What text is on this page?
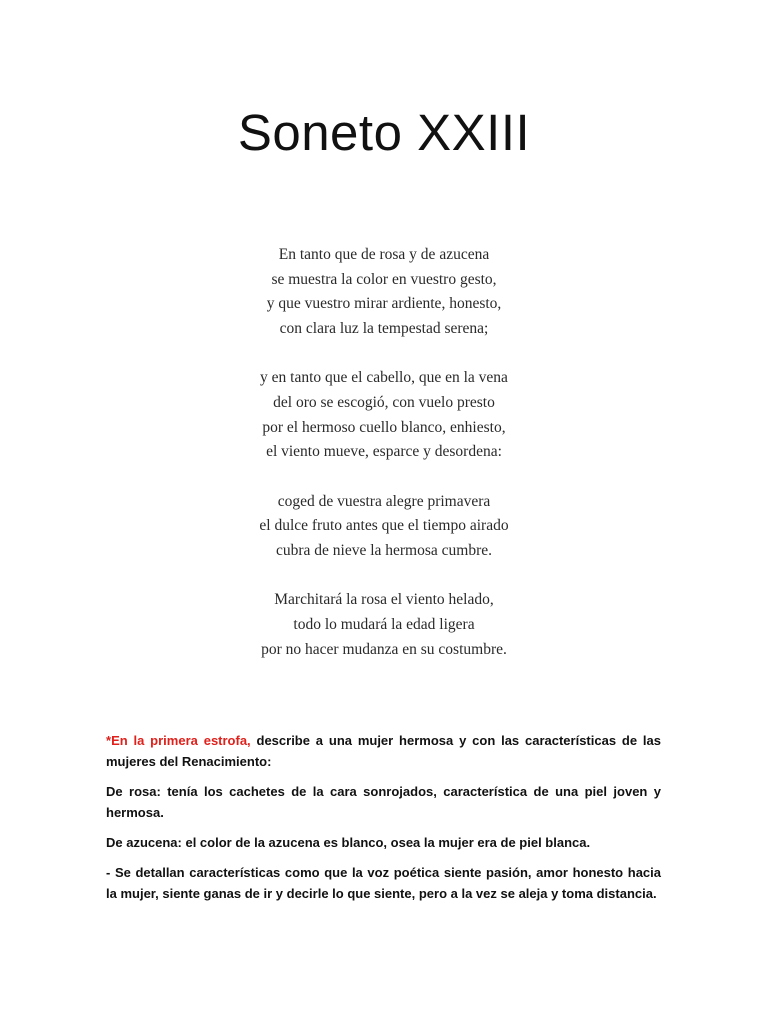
Soneto XXIII
En tanto que de rosa y de azucena
se muestra la color en vuestro gesto,
y que vuestro mirar ardiente, honesto,
con clara luz la tempestad serena;
y en tanto que el cabello, que en la vena
del oro se escogió, con vuelo presto
por el hermoso cuello blanco, enhiesto,
el viento mueve, esparce y desordena:
coged de vuestra alegre primavera
el dulce fruto antes que el tiempo airado
cubra de nieve la hermosa cumbre.
Marchitará la rosa el viento helado,
todo lo mudará la edad ligera
por no hacer mudanza en su costumbre.

*En la primera estrofa, describe a una mujer hermosa y con las características de las mujeres del Renacimiento:

De rosa: tenía los cachetes de la cara sonrojados, característica de una piel joven y hermosa.

De azucena: el color de la azucena es blanco, osea la mujer era de piel blanca.

- Se detallan características como que la voz poética siente pasión, amor honesto hacia la mujer, siente ganas de ir y decirle lo que siente, pero a la vez se aleja y toma distancia.
